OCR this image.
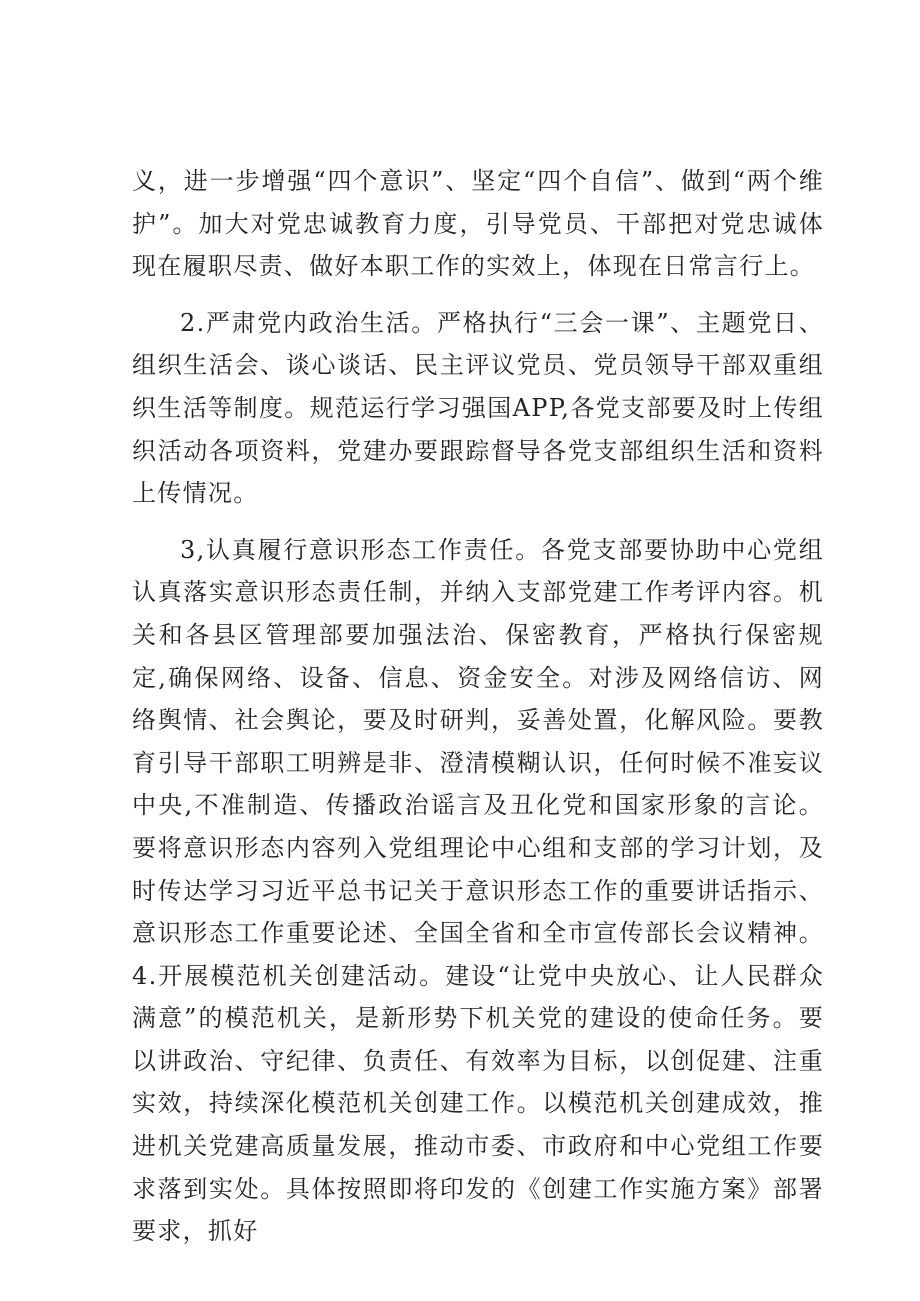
义，进一步增强“四个意识”、坚定“四个自信”、做到“两个维护”。加大对党忠诚教育力度，引导党员、干部把对党忠诚体现在履职尽责、做好本职工作的实效上，体现在日常言行上。

2.严肃党内政治生活。严格执行“三会一课”、主题党日、组织生活会、谈心谈话、民主评议党员、党员领导干部双重组织生活等制度。规范运行学习强国APP,各党支部要及时上传组织活动各项资料，党建办要跟踪督导各党支部组织生活和资料上传情况。

3,认真履行意识形态工作责任。各党支部要协助中心党组认真落实意识形态责任制，并纳入支部党建工作考评内容。机关和各县区管理部要加强法治、保密教育，严格执行保密规定,确保网络、设备、信息、资金安全。对涉及网络信访、网络舆情、社会舆论，要及时研判，妥善处置，化解风险。要教育引导干部职工明辨是非、澄清模糊认识，任何时候不准妄议中央,不准制造、传播政治谣言及丑化党和国家形象的言论。要将意识形态内容列入党组理论中心组和支部的学习计划，及时传达学习习近平总书记关于意识形态工作的重要讲话指示、意识形态工作重要论述、全国全省和全市宣传部长会议精神。4.开展模范机关创建活动。建设“让党中央放心、让人民群众满意”的模范机关，是新形势下机关党的建设的使命任务。要以讲政治、守纪律、负责任、有效率为目标，以创促建、注重实效，持续深化模范机关创建工作。以模范机关创建成效，推进机关党建高质量发展，推动市委、市政府和中心党组工作要求落到实处。具体按照即将印发的《创建工作实施方案》部署要求，抓好
